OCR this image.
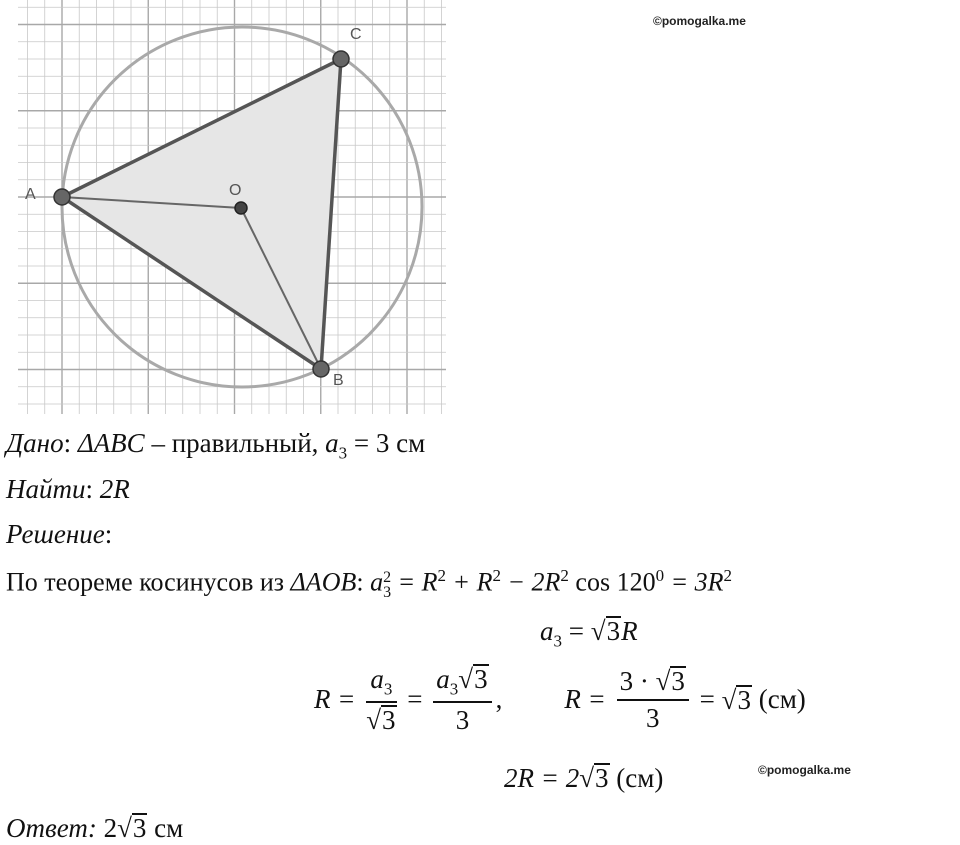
A
B
C
O
©pomogalka.me
©pomogalka.me
Дано: ΔABC – правильный, $a_3 = 3$ см
Найти: 2R
Решение:
По теореме косинусов из ΔAOB: a 2
$3 = R^2 + R^2 - 2R^2$ $\cos 120^0 = 3R^2$
$a_3 = √3R$
$R = \frac{a_3}{√3} = \frac{a_3√3}{3}$ , $R = \frac{3 \cdot √3}{3} = √3$ (см)
2R = 2√3 (см)
Ответ: 2√3 см
